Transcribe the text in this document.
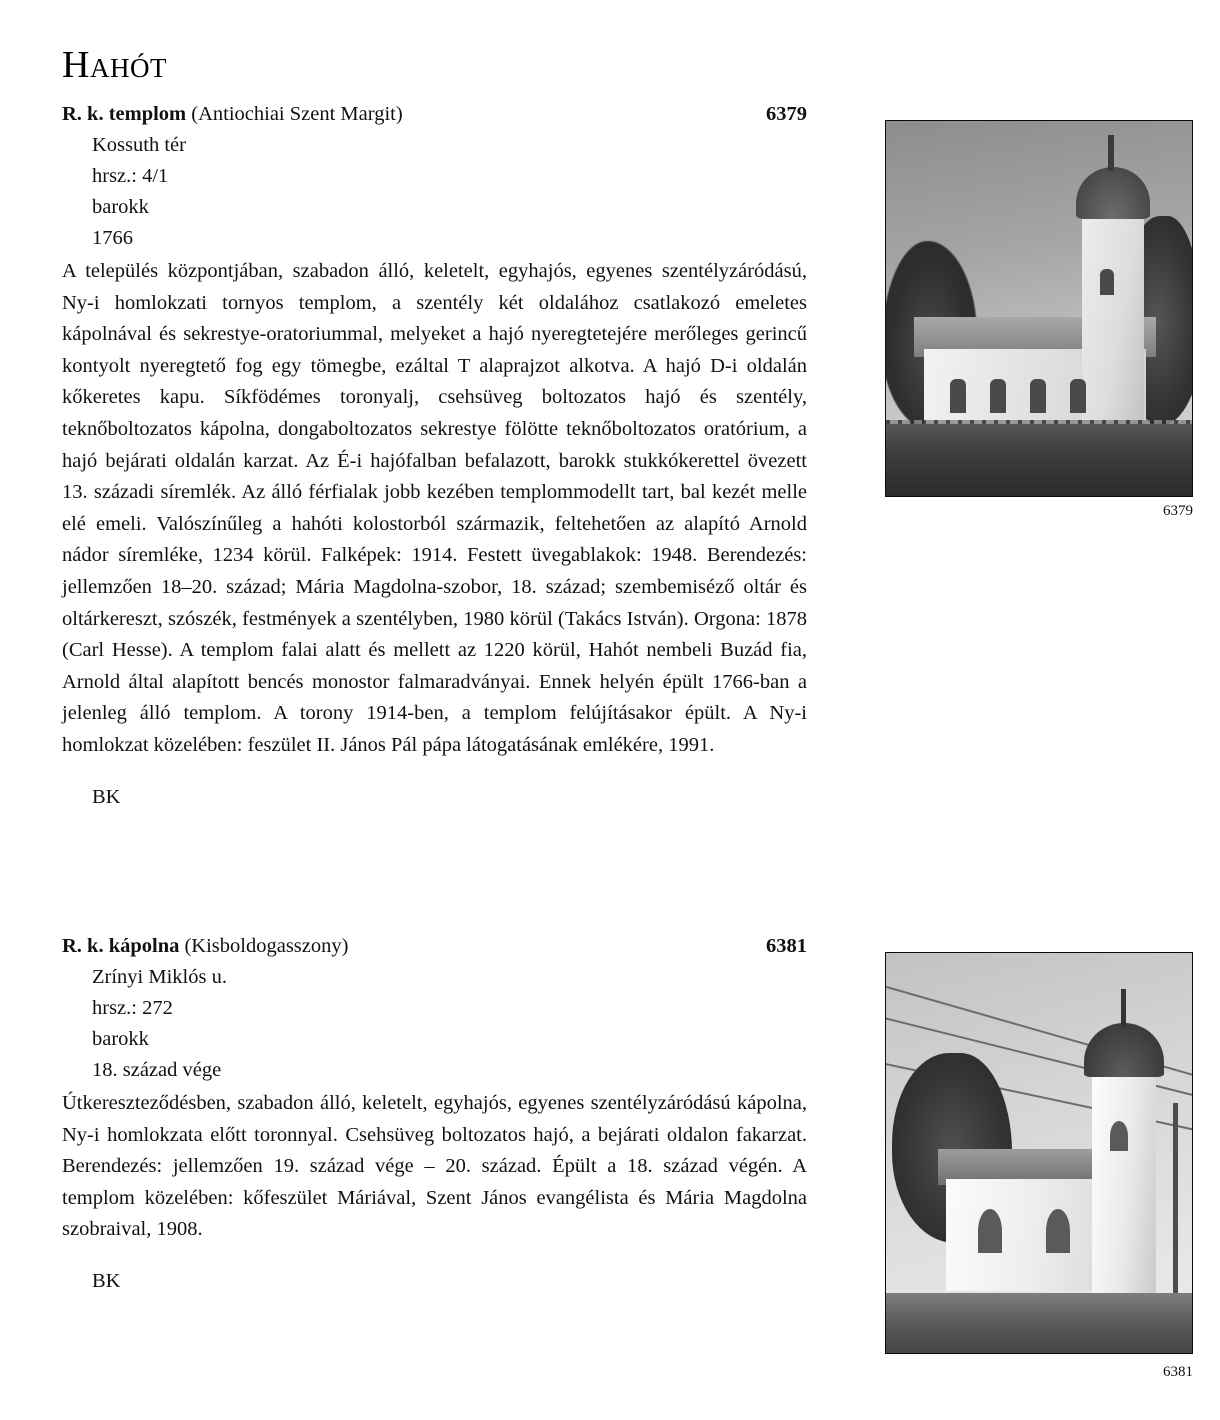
Hahót
R. k. templom (Antiochiai Szent Margit)	6379
Kossuth tér
hrsz.: 4/1
barokk
1766

A település központjában, szabadon álló, keletelt, egyhajós, egyenes szentélyzáródású, Ny-i homlokzati tornyos templom, a szentély két oldalához csatlakozó emeletes kápolnával és sekrestye-oratoriummal, melyeket a hajó nyeregtetejére merőleges gerincű kontyolt nyeregtető fog egy tömegbe, ezáltal T alaprajzot alkotva. A hajó D-i oldalán kőkeretes kapu. Síkfödémes toronyalj, csehsüveg boltozatos hajó és szentély, teknőboltozatos kápolna, dongaboltozatos sekrestye fölötte teknőboltozatos oratórium, a hajó bejárati oldalán karzat. Az É-i hajófalban befalazott, barokk stukkókerettel övezett 13. századi síremlék. Az álló férfialak jobb kezében templommodellt tart, bal kezét melle elé emeli. Valószínűleg a hahóti kolostorból származik, feltehetően az alapító Arnold nádor síremléke, 1234 körül. Falképek: 1914. Festett üvegablakok: 1948. Berendezés: jellemzően 18–20. század; Mária Magdolna-szobor, 18. század; szembemiséző oltár és oltárkereszt, szószék, festmények a szentélyben, 1980 körül (Takács István). Orgona: 1878 (Carl Hesse). A templom falai alatt és mellett az 1220 körül, Hahót nembeli Buzád fia, Arnold által alapított bencés monostor falmaradványai. Ennek helyén épült 1766-ban a jelenleg álló templom. A torony 1914-ben, a templom felújításakor épült. A Ny-i homlokzat közelében: feszület II. János Pál pápa látogatásának emlékére, 1991.

BK
6379
R. k. kápolna (Kisboldogasszony)	6381
Zrínyi Miklós u.
hrsz.: 272
barokk
18. század vége

Útkereszteződésben, szabadon álló, keletelt, egyhajós, egyenes szentélyzáródású kápolna, Ny-i homlokzata előtt toronnyal. Csehsüveg boltozatos hajó, a bejárati oldalon fakarzat. Berendezés: jellemzően 19. század vége – 20. század. Épült a 18. század végén. A templom közelében: kőfeszület Máriával, Szent János evangélista és Mária Magdolna szobraival, 1908.

BK
6381
